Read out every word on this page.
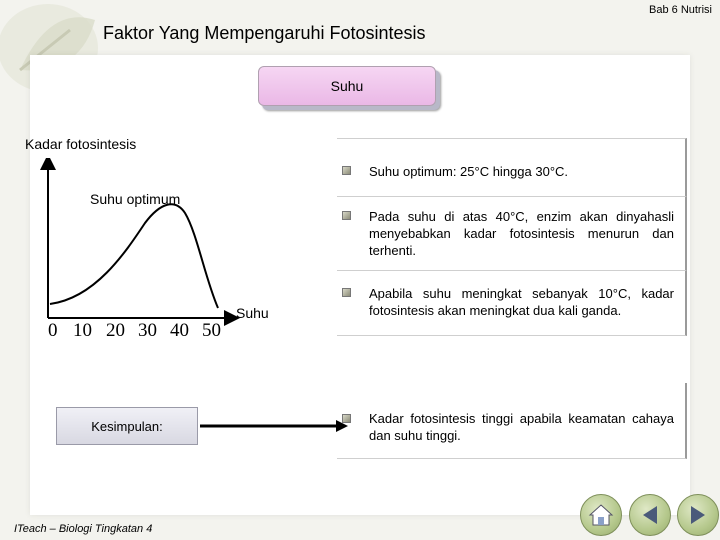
Bab 6 Nutrisi
Faktor Yang Mempengaruhi Fotosintesis
Suhu
Kadar fotosintesis
Suhu optimum
Suhu
0 10 20 30 40 50
Suhu optimum: 25°C hingga 30°C.
Pada suhu di atas 40°C, enzim akan dinyahasli menyebabkan kadar fotosintesis menurun dan terhenti.
Apabila suhu meningkat sebanyak 10°C, kadar fotosintesis akan meningkat dua kali ganda.
Kadar fotosintesis tinggi apabila keamatan cahaya dan suhu tinggi.
Kesimpulan:
ITeach – Biologi Tingkatan 4
